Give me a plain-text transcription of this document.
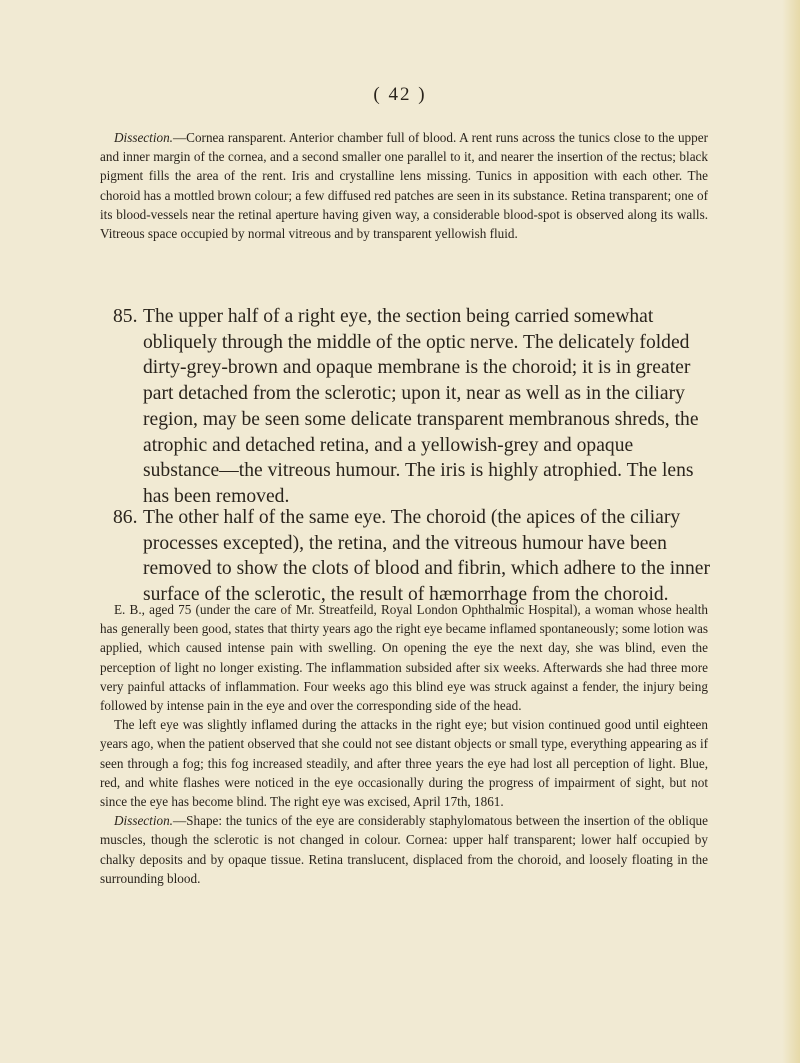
( 42 )

Dissection.—Cornea ransparent. Anterior chamber full of blood. A rent runs across the tunics close to the upper and inner margin of the cornea, and a second smaller one parallel to it, and nearer the insertion of the rectus; black pigment fills the area of the rent. Iris and crystalline lens missing. Tunics in apposition with each other. The choroid has a mottled brown colour; a few diffused red patches are seen in its substance. Retina transparent; one of its blood-vessels near the retinal aperture having given way, a considerable blood-spot is observed along its walls. Vitreous space occupied by normal vitreous and by transparent yellowish fluid.

85. The upper half of a right eye, the section being carried somewhat obliquely through the middle of the optic nerve. The delicately folded dirty-grey-brown and opaque membrane is the choroid; it is in greater part detached from the sclerotic; upon it, near as well as in the ciliary region, may be seen some delicate transparent membranous shreds, the atrophic and detached retina, and a yellowish-grey and opaque substance—the vitreous humour. The iris is highly atrophied. The lens has been removed.

86. The other half of the same eye. The choroid (the apices of the ciliary processes excepted), the retina, and the vitreous humour have been removed to show the clots of blood and fibrin, which adhere to the inner surface of the sclerotic, the result of hæmorrhage from the choroid.

E. B., aged 75 (under the care of Mr. Streatfeild, Royal London Ophthalmic Hospital), a woman whose health has generally been good, states that thirty years ago the right eye became inflamed spontaneously; some lotion was applied, which caused intense pain with swelling. On opening the eye the next day, she was blind, even the perception of light no longer existing. The inflammation subsided after six weeks. Afterwards she had three more very painful attacks of inflammation. Four weeks ago this blind eye was struck against a fender, the injury being followed by intense pain in the eye and over the corresponding side of the head.

The left eye was slightly inflamed during the attacks in the right eye; but vision continued good until eighteen years ago, when the patient observed that she could not see distant objects or small type, everything appearing as if seen through a fog; this fog increased steadily, and after three years the eye had lost all perception of light. Blue, red, and white flashes were noticed in the eye occasionally during the progress of impairment of sight, but not since the eye has become blind. The right eye was excised, April 17th, 1861.

Dissection.—Shape: the tunics of the eye are considerably staphylomatous between the insertion of the oblique muscles, though the sclerotic is not changed in colour. Cornea: upper half transparent; lower half occupied by chalky deposits and by opaque tissue. Retina translucent, displaced from the choroid, and loosely floating in the surrounding blood.
